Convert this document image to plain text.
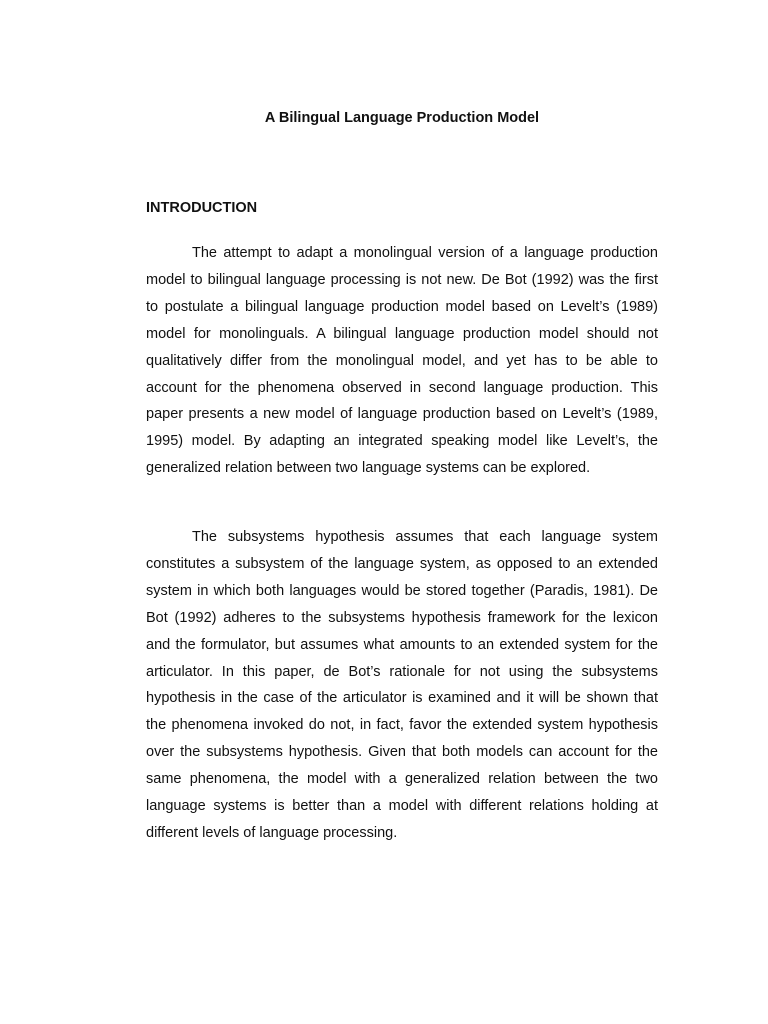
A Bilingual Language Production Model
INTRODUCTION

The attempt to adapt a monolingual version of a language production model to bilingual language processing is not new. De Bot (1992) was the first to postulate a bilingual language production model based on Levelt’s (1989) model for monolinguals. A bilingual language production model should not qualitatively differ from the monolingual model, and yet has to be able to account for the phenomena observed in second language production. This paper presents a new model of language production based on Levelt’s (1989, 1995) model. By adapting an integrated speaking model like Levelt’s, the generalized relation between two language systems can be explored.

The subsystems hypothesis assumes that each language system constitutes a subsystem of the language system, as opposed to an extended system in which both languages would be stored together (Paradis, 1981). De Bot (1992) adheres to the subsystems hypothesis framework for the lexicon and the formulator, but assumes what amounts to an extended system for the articulator. In this paper, de Bot’s rationale for not using the subsystems hypothesis in the case of the articulator is examined and it will be shown that the phenomena invoked do not, in fact, favor the extended system hypothesis over the subsystems hypothesis. Given that both models can account for the same phenomena, the model with a generalized relation between the two language systems is better than a model with different relations holding at different levels of language processing.
